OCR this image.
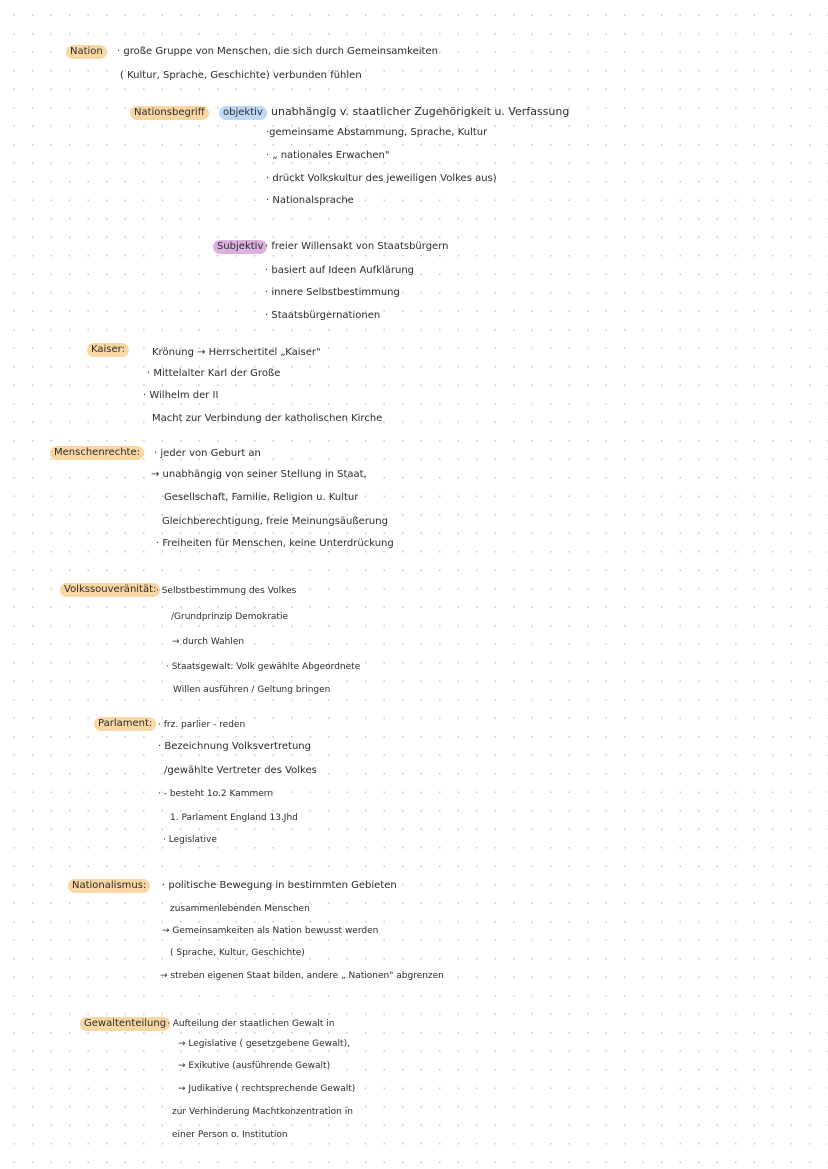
Nation	· große Gruppe von Menschen, die sich durch Gemeinsamkeiten
( Kultur, Sprache, Geschichte) verbunden fühlen
Nationsbegriff	objektiv unabhängig v. staatlicher Zugehörigkeit u. Verfassung
·gemeinsame Abstammung, Sprache, Kultur
· „ nationales Erwachen"
· drückt Volkskultur des jeweiligen Volkes aus)
· Nationalsprache
Subjektiv · freier Willensakt von Staatsbürgern
· basiert auf Ideen Aufklärung
· innere Selbstbestimmung
· Staatsbürgernationen
Kaiser:	Krönung → Herrschertitel „Kaiser"
· Mittelalter Karl der Große
· Wilhelm der II
Macht zur Verbindung der katholischen Kirche
Menschenrechte:	· jeder von Geburt an
→ unabhängig von seiner Stellung in Staat,
Gesellschaft, Familie, Religion u. Kultur
Gleichberechtigung, freie Meinungsäußerung
· Freiheiten für Menschen, keine Unterdrückung
Volkssouveränität: · Selbstbestimmung des Volkes
/Grundprinzip Demokratie
→ durch Wahlen
· Staatsgewalt: Volk gewählte Abgeordnete
Willen ausführen / Geltung bringen
Parlament: · frz. parlier - reden
· Bezeichnung Volksvertretung
/gewählte Vertreter des Volkes
· - besteht 1o.2 Kammern
1. Parlament England 13.Jhd
· Legislative
Nationalismus:	· politische Bewegung in bestimmten Gebieten
zusammenlebenden Menschen
→ Gemeinsamkeiten als Nation bewusst werden
( Sprache, Kultur, Geschichte)
→ streben eigenen Staat bilden, andere „ Nationen" abgrenzen
Gewaltenteilung · Aufteilung der staatlichen Gewalt in
→ Legislative ( gesetzgebene Gewalt),
→ Exikutive (ausführende Gewalt)
→ Judikative ( rechtsprechende Gewalt)
zur Verhinderung Machtkonzentration in
einer Person o. Institution
